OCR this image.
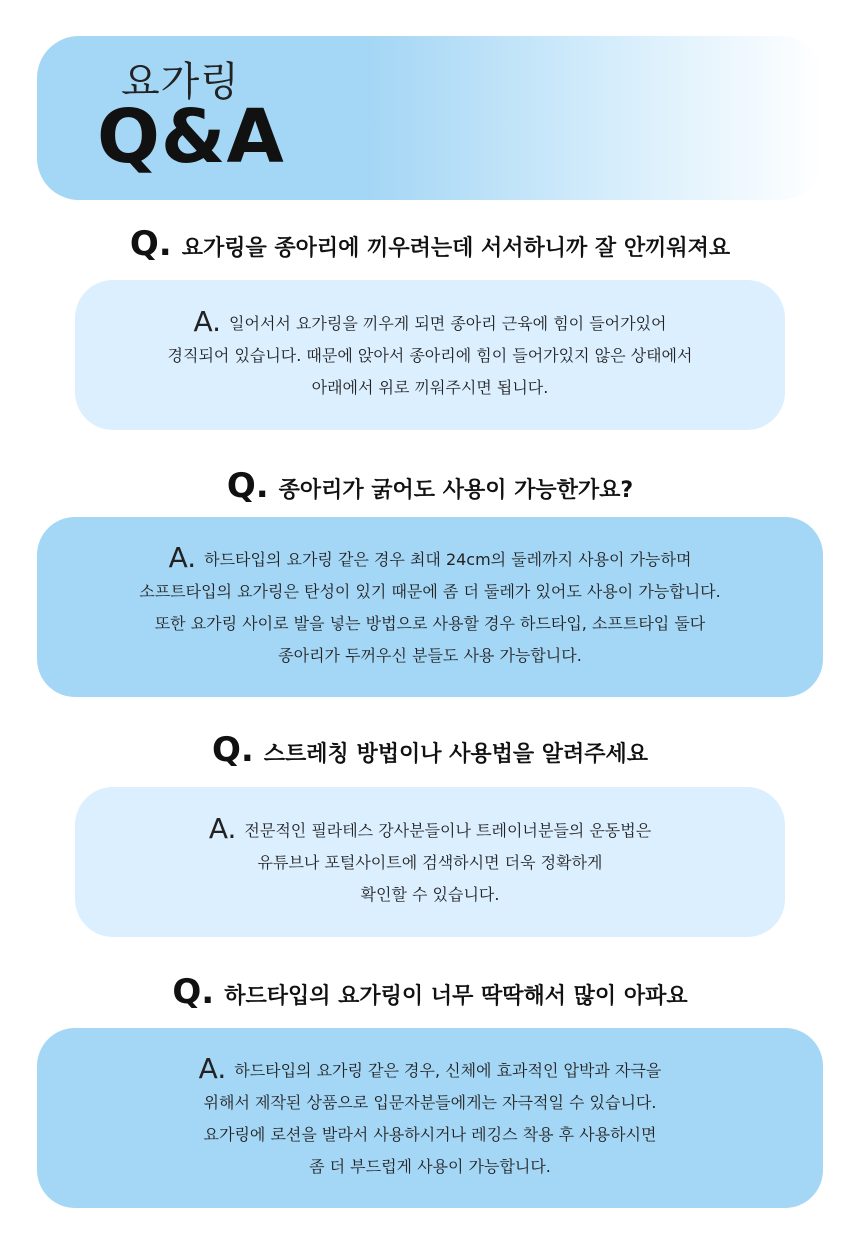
요가링
Q&A
Q. 요가링을 종아리에 끼우려는데 서서하니까 잘 안끼워져요

A. 일어서서 요가링을 끼우게 되면 종아리 근육에 힘이 들어가있어

경직되어 있습니다. 때문에 앉아서 종아리에 힘이 들어가있지 않은 상태에서

아래에서 위로 끼워주시면 됩니다.

Q. 종아리가 굵어도 사용이 가능한가요?

A. 하드타입의 요가링 같은 경우 최대 24cm의 둘레까지 사용이 가능하며

소프트타입의 요가링은 탄성이 있기 때문에 좀 더 둘레가 있어도 사용이 가능합니다.

또한 요가링 사이로 발을 넣는 방법으로 사용할 경우 하드타입, 소프트타입 둘다

종아리가 두꺼우신 분들도 사용 가능합니다.

Q. 스트레칭 방법이나 사용법을 알려주세요

A. 전문적인 필라테스 강사분들이나 트레이너분들의 운동법은

유튜브나 포털사이트에 검색하시면 더욱 정확하게

확인할 수 있습니다.

Q. 하드타입의 요가링이 너무 딱딱해서 많이 아파요

A. 하드타입의 요가링 같은 경우, 신체에 효과적인 압박과 자극을

위해서 제작된 상품으로 입문자분들에게는 자극적일 수 있습니다.

요가링에 로션을 발라서 사용하시거나 레깅스 착용 후 사용하시면

좀 더 부드럽게 사용이 가능합니다.
